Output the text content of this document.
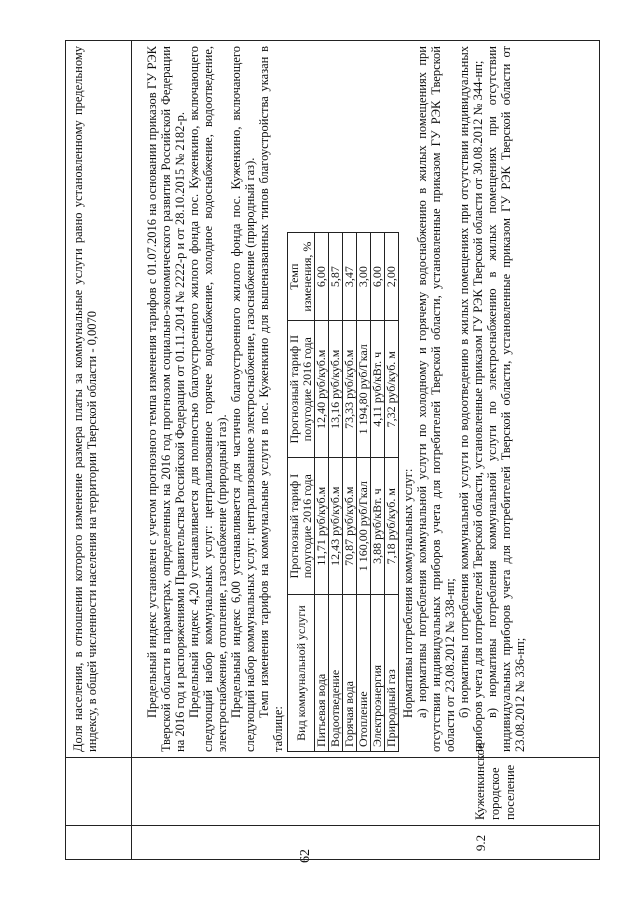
62
Доля населения, в отношении которого изменение размера платы за коммунальные услуги равно установленному предельному индексу, в общей численности населения на территории Тверской области - 0,0070
9.2
Куженкинское городское поселение

Предельный индекс установлен с учетом прогнозного темпа изменения тарифов с 01.07.2016 на основании приказов ГУ РЭК Тверской области в параметрах, определенных на 2016 год прогнозом социально-экономического развития Российской Федерации на 2016 год и распоряжениями Правительства Российской Федерации от 01.11.2014 № 2222-р и от 28.10.2015 № 2182-р. Предельный индекс 4,20 устанавливается для полностью благоустроенного жилого фонда пос. Куженкино, включающего следующий набор коммунальных услуг: централизованное горячее водоснабжение, холодное водоснабжение, водоотведение, электроснабжение, отопление, газоснабжение (природный газ). Предельный индекс 6,00 устанавливается для частично благоустроенного жилого фонда пос. Куженкино, включающего следующий набор коммунальных услуг: централизованное электроснабжение, газоснабжение (природный газ). Темп изменения тарифов на коммунальные услуги в пос. Куженкино для вышеназванных типов благоустройства указан в таблице: Вид коммунальной услуги	Прогнозный тариф I полугодие 2016 года	Прогнозный тариф II полугодие 2016 года	Темп изменения, %
Питьевая вода	11,71 руб/куб.м	12,40 руб/куб.м	6,00
Водоотведение	12,43 руб/куб.м	13,16 руб/куб.м	5,87
Горячая вода	70,87 руб/куб.м	73,33 руб/куб.м	3,47
Отопление	1 160,00 руб/Гкал	1 194,80 руб/Гкал	3,00
Электроэнергия	3,88 руб/кВт. ч	4,11 руб/кВт. ч	6,00
Природный газ	7,18 руб/куб. м	7,32 руб/куб. м	2,00

Нормативы потребления коммунальных услуг: а) нормативы потребления коммунальной услуги по холодному и горячему водоснабжению в жилых помещениях при отсутствии индивидуальных приборов учета для потребителей Тверской области, установленные приказом ГУ РЭК Тверской области от 23.08.2012 № 338-нп; б) нормативы потребления коммунальной услуги по водоотведению в жилых помещениях при отсутствии индивидуальных приборов учета для потребителей Тверской области, установленные приказом ГУ РЭК Тверской области от 30.08.2012 № 344-нп; в) нормативы потребления коммунальной услуги по электроснабжению в жилых помещениях при отсутствии индивидуальных приборов учета для потребителей Тверской области, установленные приказом ГУ РЭК Тверской области от 23.08.2012 № 336-нп;
